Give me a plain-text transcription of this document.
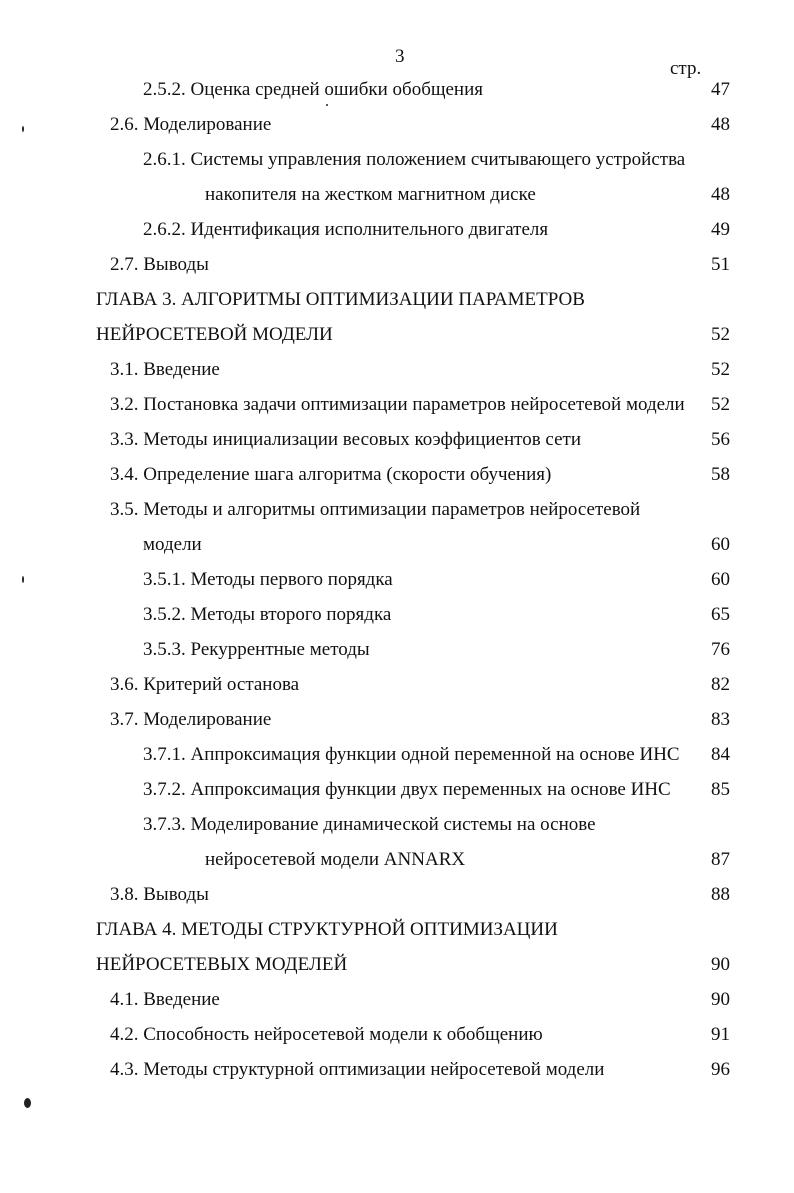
3
стр.
2.5.2. Оценка средней ошибки обобщения	47
2.6. Моделирование	48
2.6.1. Системы управления положением считывающего устройства
накопителя на жестком магнитном диске	48
2.6.2. Идентификация исполнительного двигателя	49
2.7. Выводы	51
ГЛАВА 3. АЛГОРИТМЫ ОПТИМИЗАЦИИ ПАРАМЕТРОВ
НЕЙРОСЕТЕВОЙ МОДЕЛИ	52
3.1. Введение	52
3.2. Постановка задачи оптимизации параметров нейросетевой модели 52
3.3. Методы инициализации весовых коэффициентов сети	56
3.4. Определение шага алгоритма (скорости обучения)	58
3.5. Методы и алгоритмы оптимизации параметров нейросетевой
модели	60
3.5.1. Методы первого порядка	60
3.5.2. Методы второго порядка	65
3.5.3. Рекуррентные методы	76
3.6. Критерий останова	82
3.7. Моделирование	83
3.7.1. Аппроксимация функции одной переменной на основе ИНС 84
3.7.2. Аппроксимация функции двух переменных на основе ИНС 85
3.7.3. Моделирование динамической системы на основе
нейросетевой модели ANNARX	87
3.8. Выводы	88
ГЛАВА 4. МЕТОДЫ СТРУКТУРНОЙ ОПТИМИЗАЦИИ
НЕЙРОСЕТЕВЫХ МОДЕЛЕЙ	90
4.1. Введение	90
4.2. Способность нейросетевой модели к обобщению	91
4.3. Методы структурной оптимизации нейросетевой модели	96
